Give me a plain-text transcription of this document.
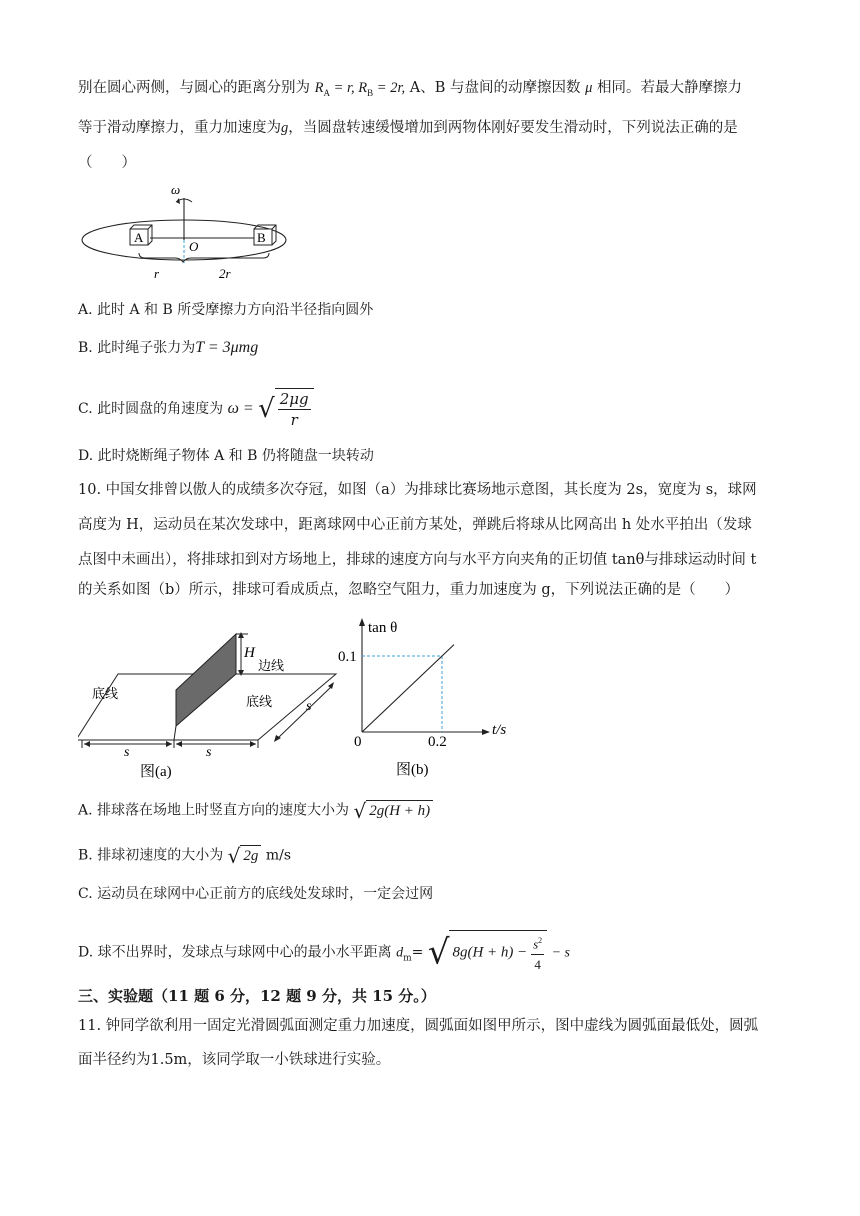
别在圆心两侧，与圆心的距离分别为 $R_A = r$, $R_B = 2r$, A、B 与盘间的动摩擦因数 μ 相同。若最大静摩擦力
等于滑动摩擦力，重力加速度为g，当圆盘转速缓慢增加到两物体刚好要发生滑动时，下列说法正确的是
（　　）
ω
A	B
O
r	2r
A. 此时 A 和 B 所受摩擦力方向沿半径指向圆外
B. 此时绳子张力为T = 3μmg
C. 此时圆盘的角速度为 ω = √ $\frac{2\mu g}{r}$
D. 此时烧断绳子物体 A 和 B 仍将随盘一块转动
10. 中国女排曾以傲人的成绩多次夺冠，如图（a）为排球比赛场地示意图，其长度为 2s，宽度为 s，球网
高度为 H，运动员在某次发球中，距离球网中心正前方某处，弹跳后将球从比网高出 h 处水平拍出（发球
点图中未画出），将排球扣到对方场地上，排球的速度方向与水平方向夹角的正切值 tanθ与排球运动时间 t
的关系如图（b）所示，排球可看成质点，忽略空气阻力，重力加速度为 g，下列说法正确的是（　　）
H
边线
底线
底线 s
s	s
图(a)
tan θ
t/s
0
0.1
0.2
图(b)
A. 排球落在场地上时竖直方向的速度大小为 √ 2g(H + h)
B. 排球初速度的大小为 √ 2g m/s
C. 运动员在球网中心正前方的底线处发球时，一定会过网
D. 球不出界时，发球点与球网中心的最小水平距离 $d_m=$ √ $8g(H + h) - \frac{s^2}{4} - s$
三、实验题（11 题 6 分，12 题 9 分，共 15 分。）
11. 钟同学欲利用一固定光滑圆弧面测定重力加速度，圆弧面如图甲所示，图中虚线为圆弧面最低处，圆弧
面半径约为1.5m，该同学取一小铁球进行实验。
